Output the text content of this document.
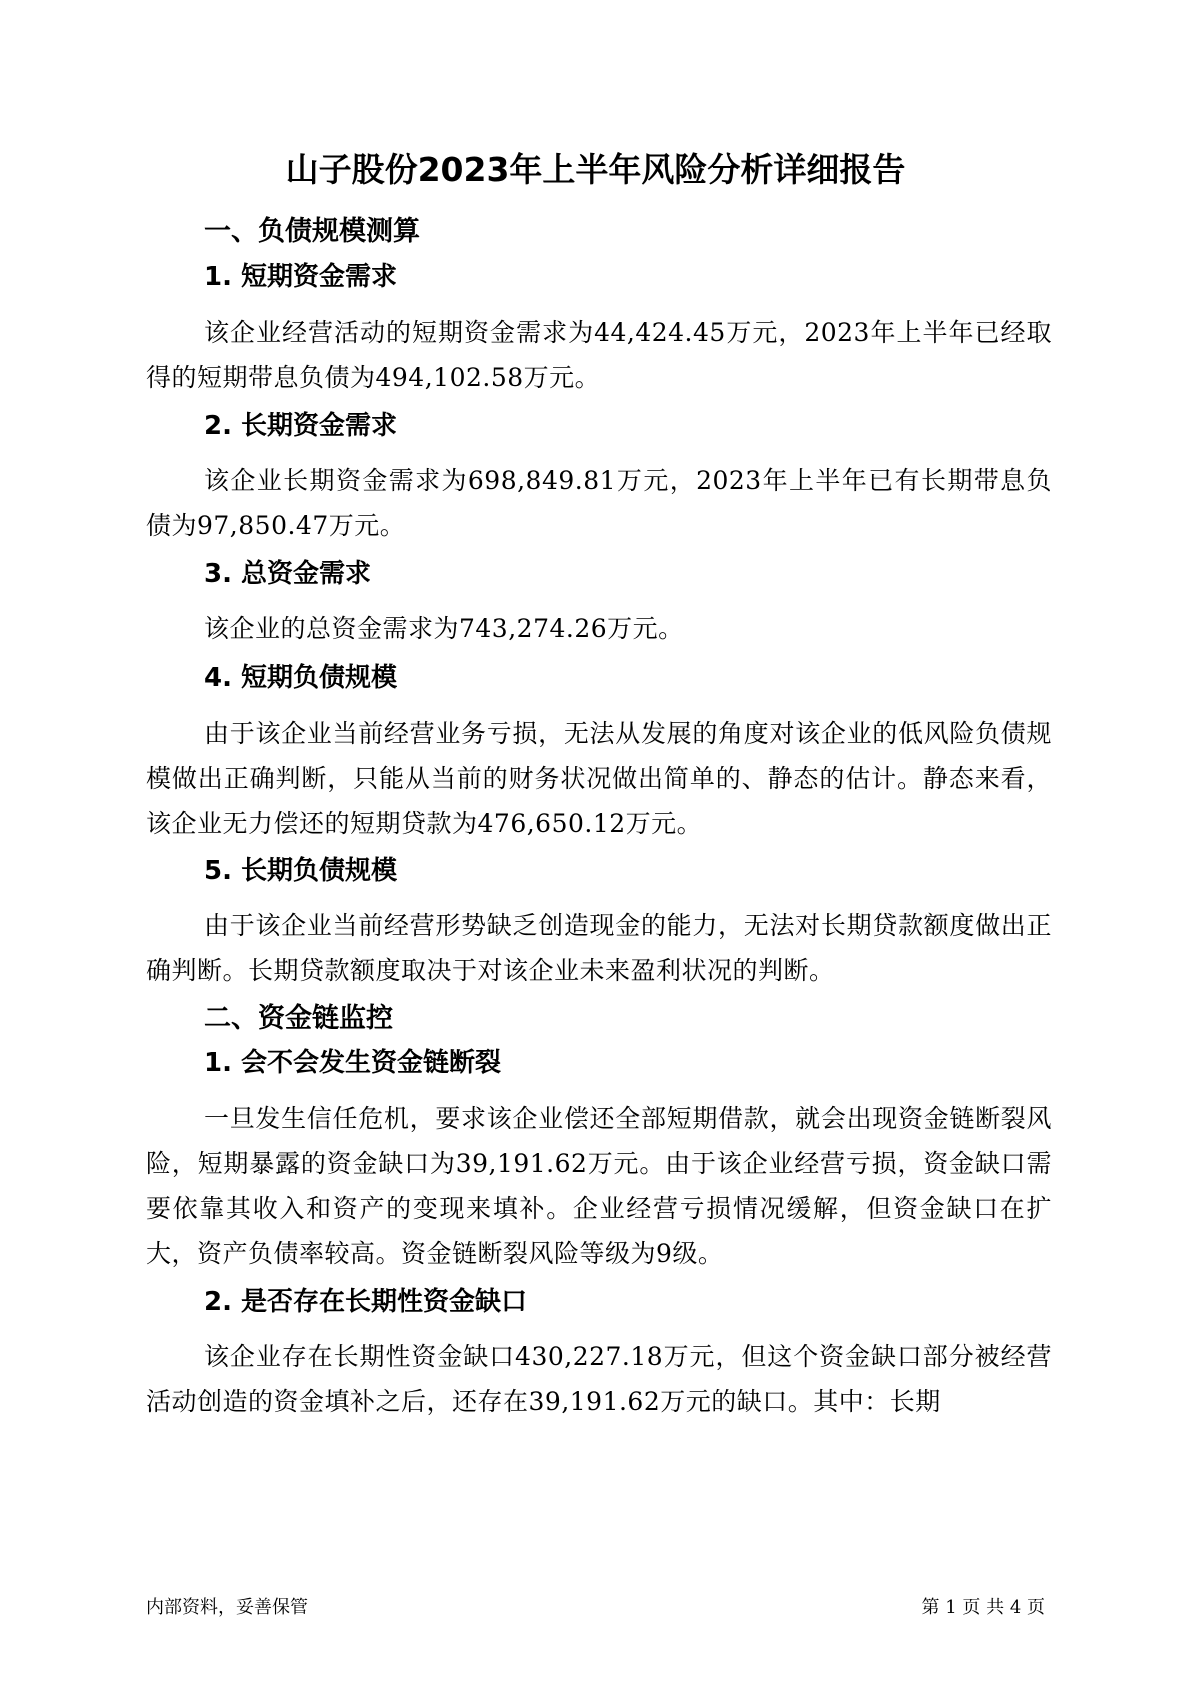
山子股份2023年上半年风险分析详细报告
一、负债规模测算
1. 短期资金需求

该企业经营活动的短期资金需求为44,424.45万元，2023年上半年已经取得的短期带息负债为494,102.58万元。

2. 长期资金需求

该企业长期资金需求为698,849.81万元，2023年上半年已有长期带息负债为97,850.47万元。

3. 总资金需求

该企业的总资金需求为743,274.26万元。

4. 短期负债规模

由于该企业当前经营业务亏损，无法从发展的角度对该企业的低风险负债规模做出正确判断，只能从当前的财务状况做出简单的、静态的估计。静态来看，该企业无力偿还的短期贷款为476,650.12万元。

5. 长期负债规模

由于该企业当前经营形势缺乏创造现金的能力，无法对长期贷款额度做出正确判断。长期贷款额度取决于对该企业未来盈利状况的判断。

二、资金链监控
1. 会不会发生资金链断裂

一旦发生信任危机，要求该企业偿还全部短期借款，就会出现资金链断裂风险，短期暴露的资金缺口为39,191.62万元。由于该企业经营亏损，资金缺口需要依靠其收入和资产的变现来填补。企业经营亏损情况缓解，但资金缺口在扩大，资产负债率较高。资金链断裂风险等级为9级。

2. 是否存在长期性资金缺口

该企业存在长期性资金缺口430,227.18万元，但这个资金缺口部分被经营活动创造的资金填补之后，还存在39,191.62万元的缺口。其中：长期

内部资料，妥善保管	第 1 页 共 4 页
